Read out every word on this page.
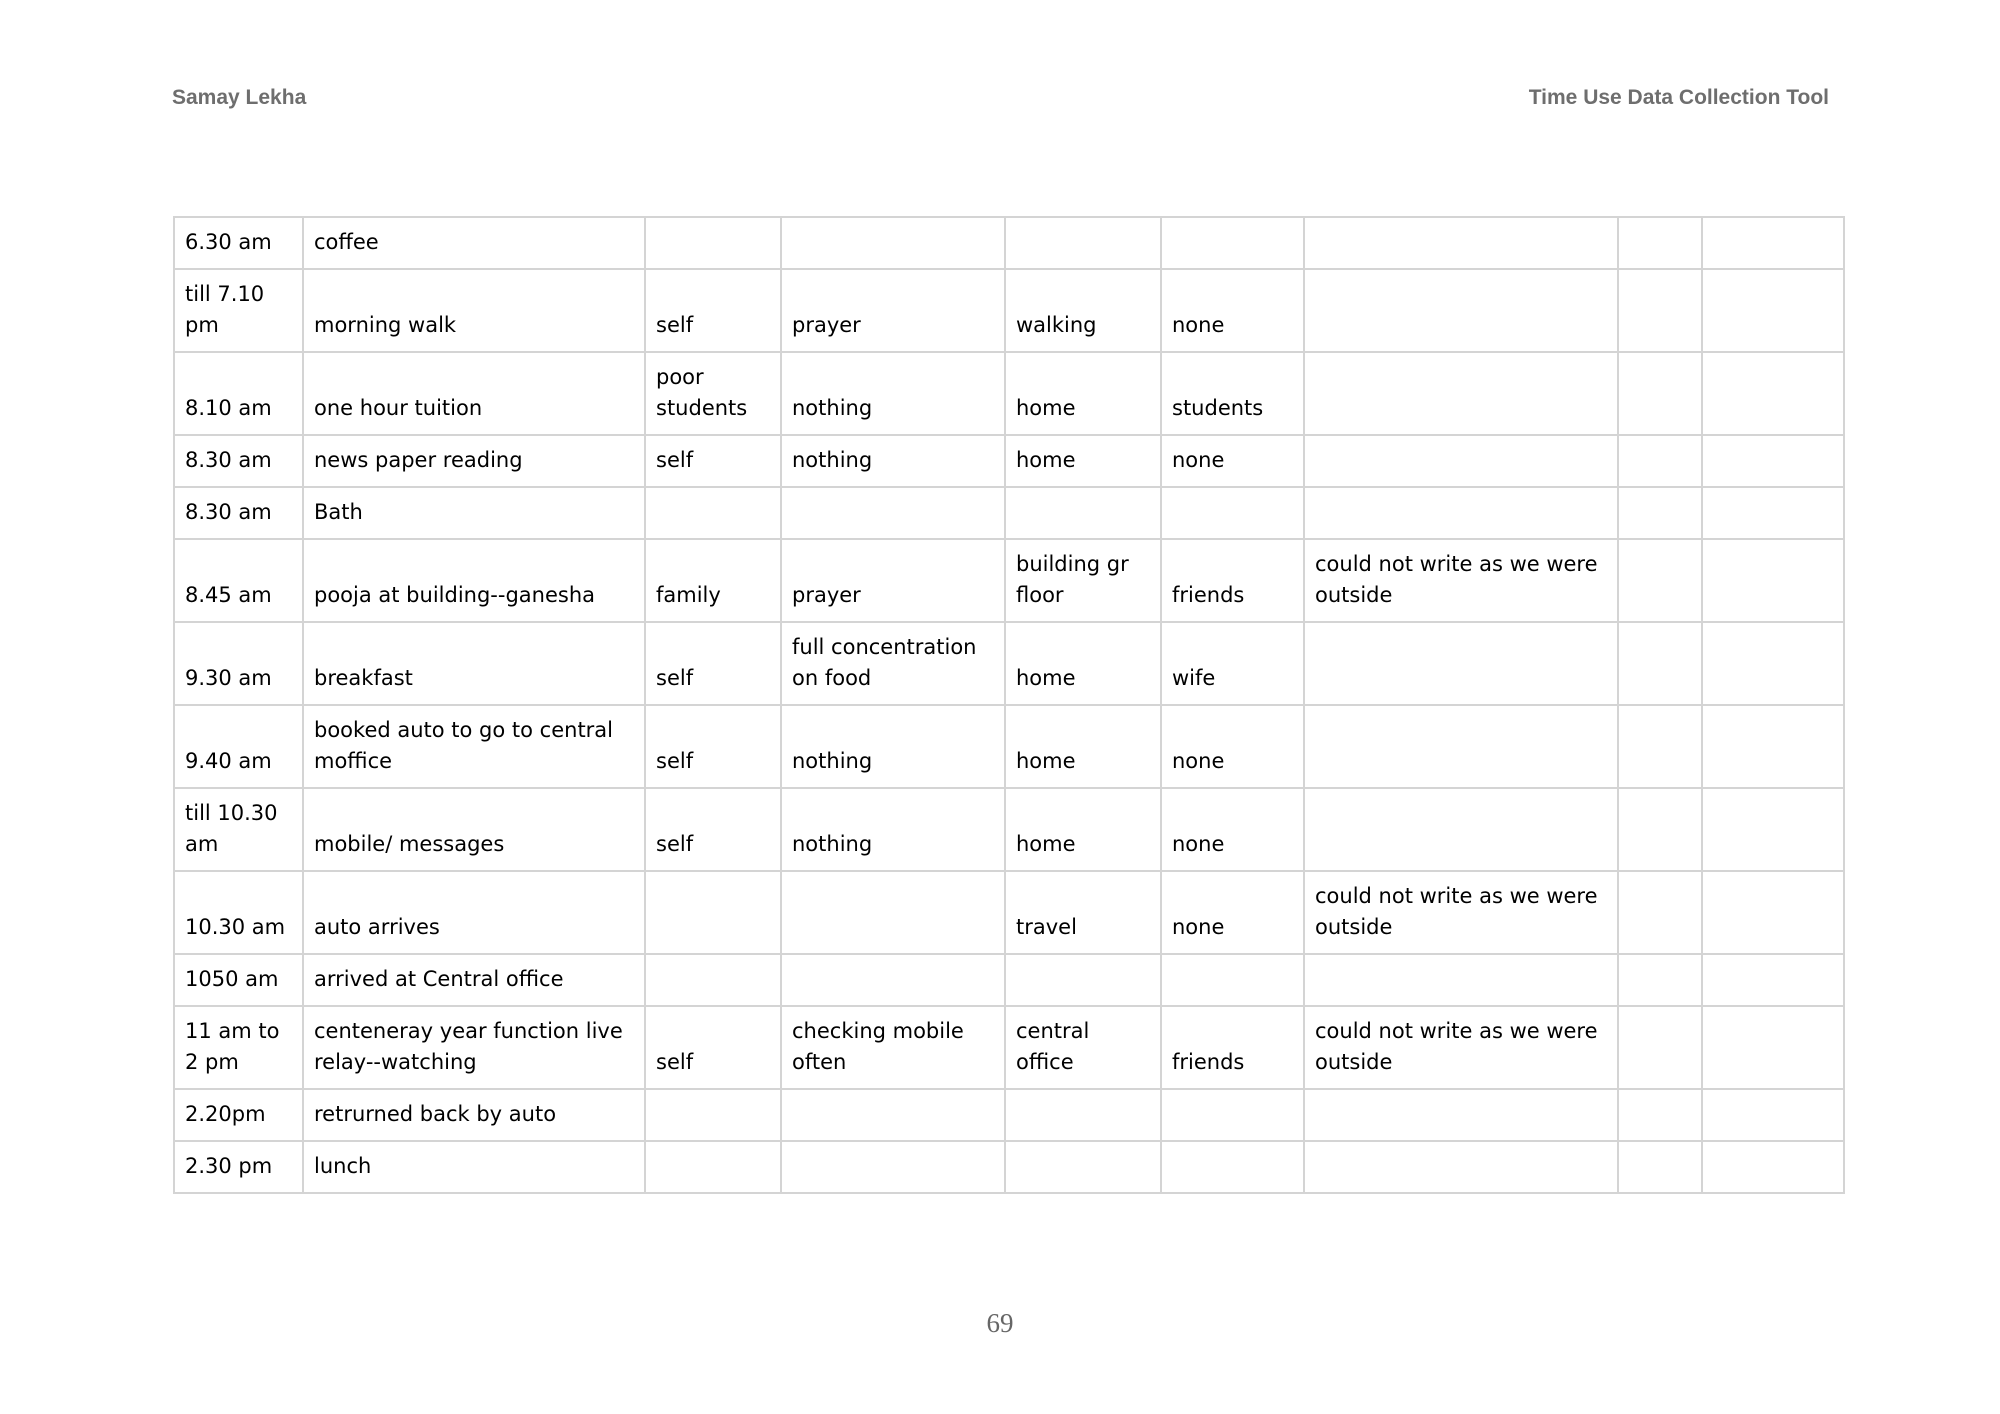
Samay Lekha	Time Use Data Collection Tool
6.30 am	coffee							
till 7.10 pm	morning walk	self	prayer	walking	none			
8.10 am	one hour tuition	poor students	nothing	home	students			
8.30 am	news paper reading	self	nothing	home	none			
8.30 am	Bath							
8.45 am	pooja at building--ganesha	family	prayer	building gr floor	friends	could not write as we were outside		
9.30 am	breakfast	self	full concentration on food	home	wife			
9.40 am	booked auto to go to central moffice	self	nothing	home	none			
till 10.30 am	mobile/ messages	self	nothing	home	none			
10.30 am	auto arrives			travel	none	could not write as we were outside		
1050 am	arrived at Central office							
11 am to 2 pm	centeneray year function live relay--watching	self	checking mobile often	central office	friends	could not write as we were outside		
2.20pm	retrurned back by auto							
2.30 pm	lunch							
69
